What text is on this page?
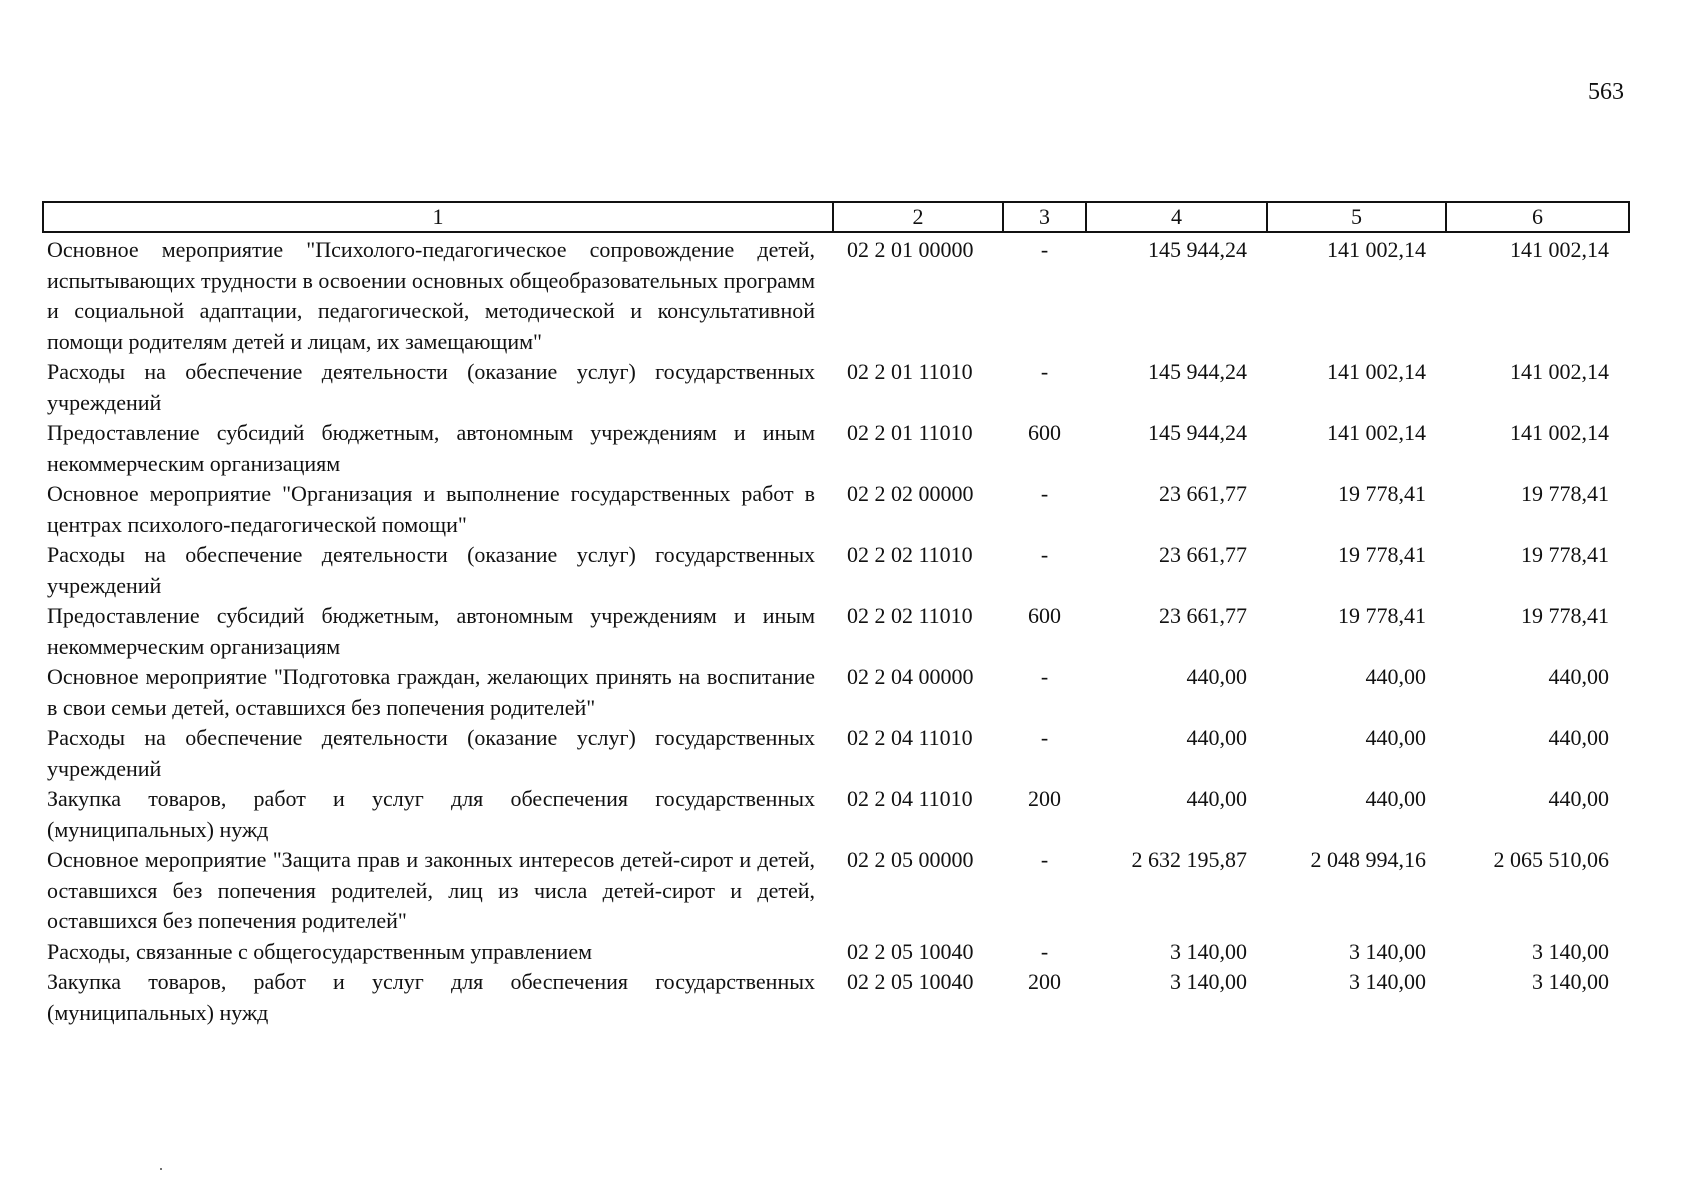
563
1	2	3	4	5	6
Основное мероприятие "Психолого-педагогическое сопровождение детей, испытывающих трудности в освоении основных общеобразовательных программ и социальной адаптации, педагогической, методической и консультативной помощи родителям детей и лицам, их замещающим"	02 2 01 00000	-	145 944,24	141 002,14	141 002,14
Расходы на обеспечение деятельности (оказание услуг) государственных учреждений	02 2 01 11010	-	145 944,24	141 002,14	141 002,14
Предоставление субсидий бюджетным, автономным учреждениям и иным некоммерческим организациям	02 2 01 11010	600	145 944,24	141 002,14	141 002,14
Основное мероприятие "Организация и выполнение государственных работ в центрах психолого-педагогической помощи"	02 2 02 00000	-	23 661,77	19 778,41	19 778,41
Расходы на обеспечение деятельности (оказание услуг) государственных учреждений	02 2 02 11010	-	23 661,77	19 778,41	19 778,41
Предоставление субсидий бюджетным, автономным учреждениям и иным некоммерческим организациям	02 2 02 11010	600	23 661,77	19 778,41	19 778,41
Основное мероприятие "Подготовка граждан, желающих принять на воспитание в свои семьи детей, оставшихся без попечения родителей"	02 2 04 00000	-	440,00	440,00	440,00
Расходы на обеспечение деятельности (оказание услуг) государственных учреждений	02 2 04 11010	-	440,00	440,00	440,00
Закупка товаров, работ и услуг для обеспечения государственных (муниципальных) нужд	02 2 04 11010	200	440,00	440,00	440,00
Основное мероприятие "Защита прав и законных интересов детей-сирот и детей, оставшихся без попечения родителей, лиц из числа детей-сирот и детей, оставшихся без попечения родителей"	02 2 05 00000	-	2 632 195,87	2 048 994,16	2 065 510,06
Расходы, связанные с общегосударственным управлением	02 2 05 10040	-	3 140,00	3 140,00	3 140,00
Закупка товаров, работ и услуг для обеспечения государственных (муниципальных) нужд	02 2 05 10040	200	3 140,00	3 140,00	3 140,00
